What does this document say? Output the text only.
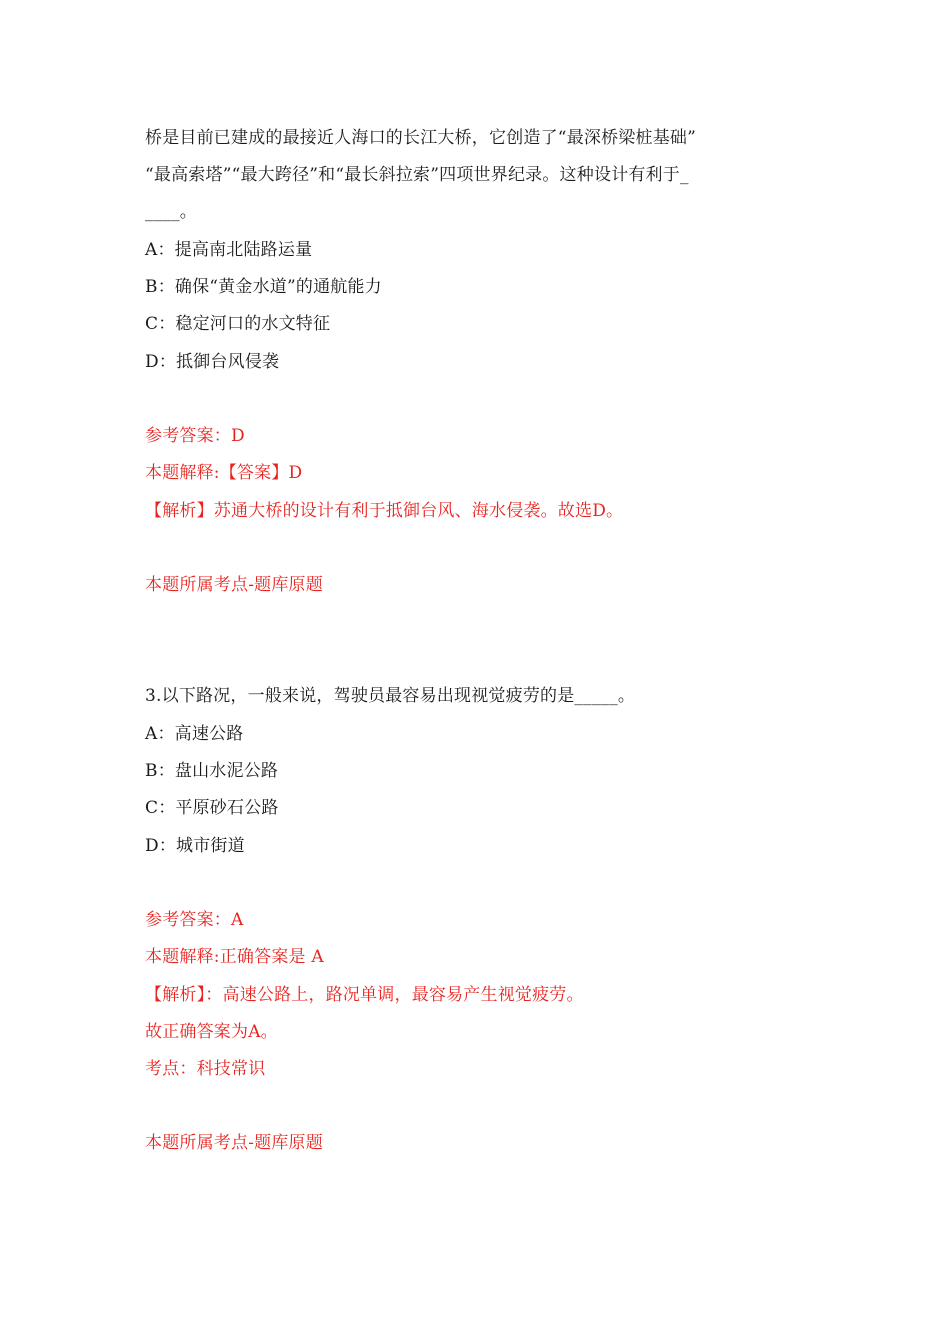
桥是目前已建成的最接近人海口的长江大桥，它创造了“最深桥梁桩基础”
“最高索塔”“最大跨径”和“最长斜拉索”四项世界纪录。这种设计有利于_
____。
A：提高南北陆路运量
B：确保“黄金水道”的通航能力
C：稳定河口的水文特征
D：抵御台风侵袭
参考答案：D
本题解释:【答案】D
【解析】苏通大桥的设计有利于抵御台风、海水侵袭。故选D。
本题所属考点-题库原题
3.以下路况，一般来说，驾驶员最容易出现视觉疲劳的是_____。
A：高速公路
B：盘山水泥公路
C：平原砂石公路
D：城市街道
参考答案：A
本题解释:正确答案是 A
【解析】：高速公路上，路况单调，最容易产生视觉疲劳。
故正确答案为A。
考点：科技常识
本题所属考点-题库原题
